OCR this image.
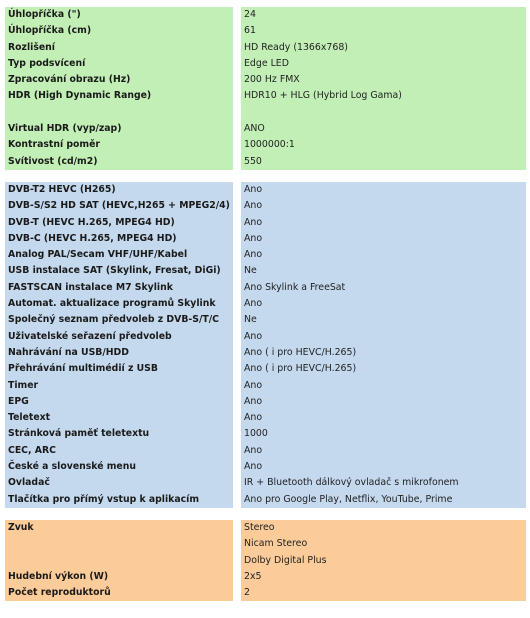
Úhlopříčka (")		24
Úhlopříčka (cm)		61
Rozlišení		HD Ready (1366x768)
Typ podsvícení		Edge LED
Zpracování obrazu (Hz)		200 Hz FMX
HDR (High Dynamic Range)		HDR10 + HLG (Hybrid Log Gama)

Virtual HDR (vyp/zap)		ANO
Kontrastní poměr		1000000:1
Svítivost (cd/m2)		550

DVB-T2 HEVC (H265)		Ano
DVB-S/S2 HD SAT (HEVC,H265 + MPEG2/4)		Ano
DVB-T (HEVC H.265, MPEG4 HD)		Ano
DVB-C (HEVC H.265, MPEG4 HD)		Ano
Analog PAL/Secam VHF/UHF/Kabel		Ano
USB instalace SAT (Skylink, Fresat, DiGi)		Ne
FASTSCAN instalace M7 Skylink		Ano Skylink a FreeSat
Automat. aktualizace programů Skylink		Ano
Společný seznam předvoleb z DVB-S/T/C		Ne
Uživatelské seřazení předvoleb		Ano
Nahrávání na USB/HDD		Ano ( i pro HEVC/H.265)
Přehrávání multimédií z USB		Ano ( i pro HEVC/H.265)
Timer		Ano
EPG		Ano
Teletext		Ano
Stránková paměť teletextu		1000
CEC, ARC		Ano
České a slovenské menu		Ano
Ovladač		IR + Bluetooth dálkový ovladač s mikrofonem
Tlačítka pro přímý vstup k aplikacím		Ano pro Google Play, Netflix, YouTube, Prime

Zvuk		Stereo
		Nicam Stereo
		Dolby Digital Plus
Hudební výkon (W)		2x5
Počet reproduktorů		2
